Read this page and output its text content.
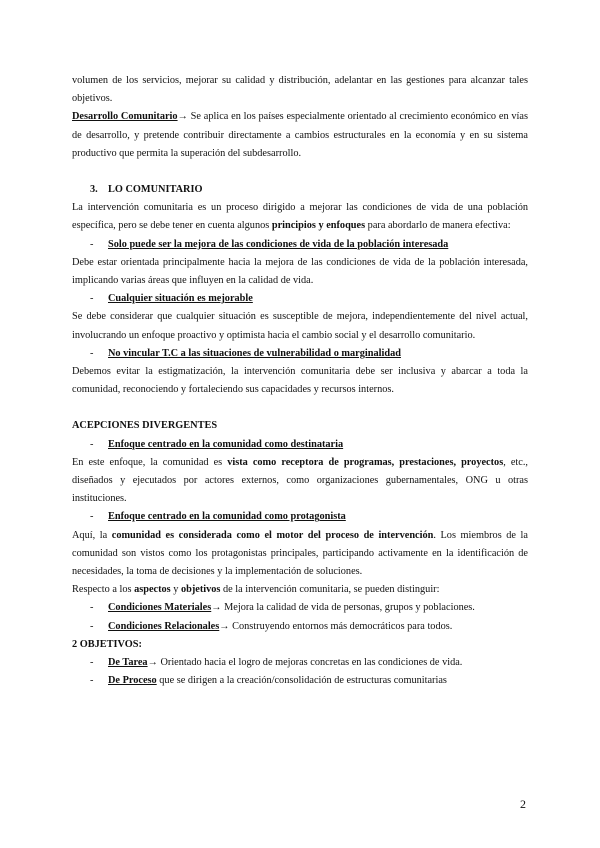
volumen de los servicios, mejorar su calidad y distribución, adelantar en las gestiones para alcanzar tales objetivos.

Desarrollo Comunitario→ Se aplica en los países especialmente orientado al crecimiento económico en vías de desarrollo, y pretende contribuir directamente a cambios estructurales en la economía y en su sistema productivo que permita la superación del subdesarrollo.

3. LO COMUNITARIO

La intervención comunitaria es un proceso dirigido a mejorar las condiciones de vida de una población específica, pero se debe tener en cuenta algunos principios y enfoques para abordarlo de manera efectiva:

-	Solo puede ser la mejora de las condiciones de vida de la población interesada

Debe estar orientada principalmente hacia la mejora de las condiciones de vida de la población interesada, implicando varias áreas que influyen en la calidad de vida.

-	Cualquier situación es mejorable

Se debe considerar que cualquier situación es susceptible de mejora, independientemente del nivel actual, involucrando un enfoque proactivo y optimista hacia el cambio social y el desarrollo comunitario.

-	No vincular T.C a las situaciones de vulnerabilidad o marginalidad

Debemos evitar la estigmatización, la intervención comunitaria debe ser inclusiva y abarcar a toda la comunidad, reconociendo y fortaleciendo sus capacidades y recursos internos.

ACEPCIONES DIVERGENTES
-	Enfoque centrado en la comunidad como destinataria

En este enfoque, la comunidad es vista como receptora de programas, prestaciones, proyectos, etc., diseñados y ejecutados por actores externos, como organizaciones gubernamentales, ONG u otras instituciones.

-	Enfoque centrado en la comunidad como protagonista

Aquí, la comunidad es considerada como el motor del proceso de intervención. Los miembros de la comunidad son vistos como los protagonistas principales, participando activamente en la identificación de necesidades, la toma de decisiones y la implementación de soluciones.

Respecto a los aspectos y objetivos de la intervención comunitaria, se pueden distinguir:

-	Condiciones Materiales→ Mejora la calidad de vida de personas, grupos y poblaciones.
-	Condiciones Relacionales→ Construyendo entornos más democráticos para todos.
2 OBJETIVOS:
-	De Tarea→ Orientado hacia el logro de mejoras concretas en las condiciones de vida.
-	De Proceso que se dirigen a la creación/consolidación de estructuras comunitarias
2
